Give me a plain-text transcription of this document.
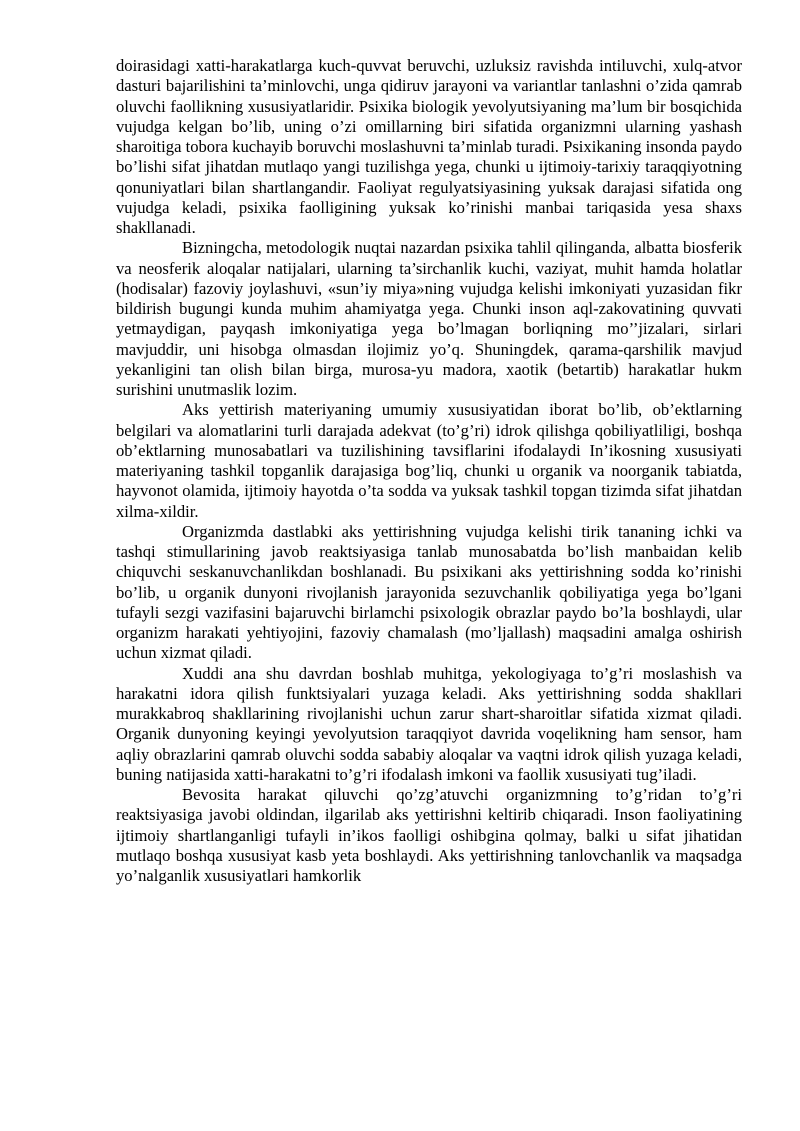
doirasidagi xatti-harakatlarga kuch-quvvat beruvchi, uzluksiz ravishda intiluvchi, xulq-atvor dasturi bajarilishini ta’minlovchi, unga qidiruv jarayoni va variantlar tanlashni o’zida qamrab oluvchi faollikning xususiyatlaridir. Psixika biologik yevolyutsiyaning ma’lum bir bosqichida vujudga kelgan bo’lib, uning o’zi omillarning biri sifatida organizmni ularning yashash sharoitiga tobora kuchayib boruvchi moslashuvni ta’minlab turadi. Psixikaning insonda paydo bo’lishi sifat jihatdan mutlaqo yangi tuzilishga yega, chunki u ijtimoiy-tarixiy taraqqiyotning qonuniyatlari bilan shartlangandir. Faoliyat regulyatsiyasining yuksak darajasi sifatida ong vujudga keladi, psixika faolligining yuksak ko’rinishi manbai tariqasida yesa shaxs shakllanadi.

Bizningcha, metodologik nuqtai nazardan psixika tahlil qilinganda, albatta biosferik va neosferik aloqalar natijalari, ularning ta’sirchanlik kuchi, vaziyat, muhit hamda holatlar (hodisalar) fazoviy joylashuvi, «sun’iy miya»ning vujudga kelishi imkoniyati yuzasidan fikr bildirish bugungi kunda muhim ahamiyatga yega. Chunki inson aql-zakovatining quvvati yetmaydigan, payqash imkoniyatiga yega bo’lmagan borliqning mo’’jizalari, sirlari mavjuddir, uni hisobga olmasdan ilojimiz yo’q. Shuningdek, qarama-qarshilik mavjud yekanligini tan olish bilan birga, murosa-yu madora, xaotik (betartib) harakatlar hukm surishini unutmaslik lozim.

Aks yettirish materiyaning umumiy xususiyatidan iborat bo’lib, ob’ektlarning belgilari va alomatlarini turli darajada adekvat (to’g’ri) idrok qilishga qobiliyatliligi, boshqa ob’ektlarning munosabatlari va tuzilishining tavsiflarini ifodalaydi In’ikosning xususiyati materiyaning tashkil topganlik darajasiga bog’liq, chunki u organik va noorganik tabiatda, hayvonot olamida, ijtimoiy hayotda o’ta sodda va yuksak tashkil topgan tizimda sifat jihatdan xilma-xildir.

Organizmda dastlabki aks yettirishning vujudga kelishi tirik tananing ichki va tashqi stimullarining javob reaktsiyasiga tanlab munosabatda bo’lish manbaidan kelib chiquvchi seskanuvchanlikdan boshlanadi. Bu psixikani aks yettirishning sodda ko’rinishi bo’lib, u organik dunyoni rivojlanish jarayonida sezuvchanlik qobiliyatiga yega bo’lgani tufayli sezgi vazifasini bajaruvchi birlamchi psixologik obrazlar paydo bo’la boshlaydi, ular organizm harakati yehtiyojini, fazoviy chamalash (mo’ljallash) maqsadini amalga oshirish uchun xizmat qiladi.

Xuddi ana shu davrdan boshlab muhitga, yekologiyaga to’g’ri moslashish va harakatni idora qilish funktsiyalari yuzaga keladi. Aks yettirishning sodda shakllari murakkabroq shakllarining rivojlanishi uchun zarur shart-sharoitlar sifatida xizmat qiladi. Organik dunyoning keyingi yevolyutsion taraqqiyot davrida voqelikning ham sensor, ham aqliy obrazlarini qamrab oluvchi sodda sababiy aloqalar va vaqtni idrok qilish yuzaga keladi, buning natijasida xatti-harakatni to’g’ri ifodalash imkoni va faollik xususiyati tug’iladi.

Bevosita harakat qiluvchi qo’zg’atuvchi organizmning to’g’ridan to’g’ri reaktsiyasiga javobi oldindan, ilgarilab aks yettirishni keltirib chiqaradi. Inson faoliyatining ijtimoiy shartlanganligi tufayli in’ikos faolligi oshibgina qolmay, balki u sifat jihatidan mutlaqo boshqa xususiyat kasb yeta boshlaydi. Aks yettirishning tanlovchanlik va maqsadga yo’nalganlik xususiyatlari hamkorlik
